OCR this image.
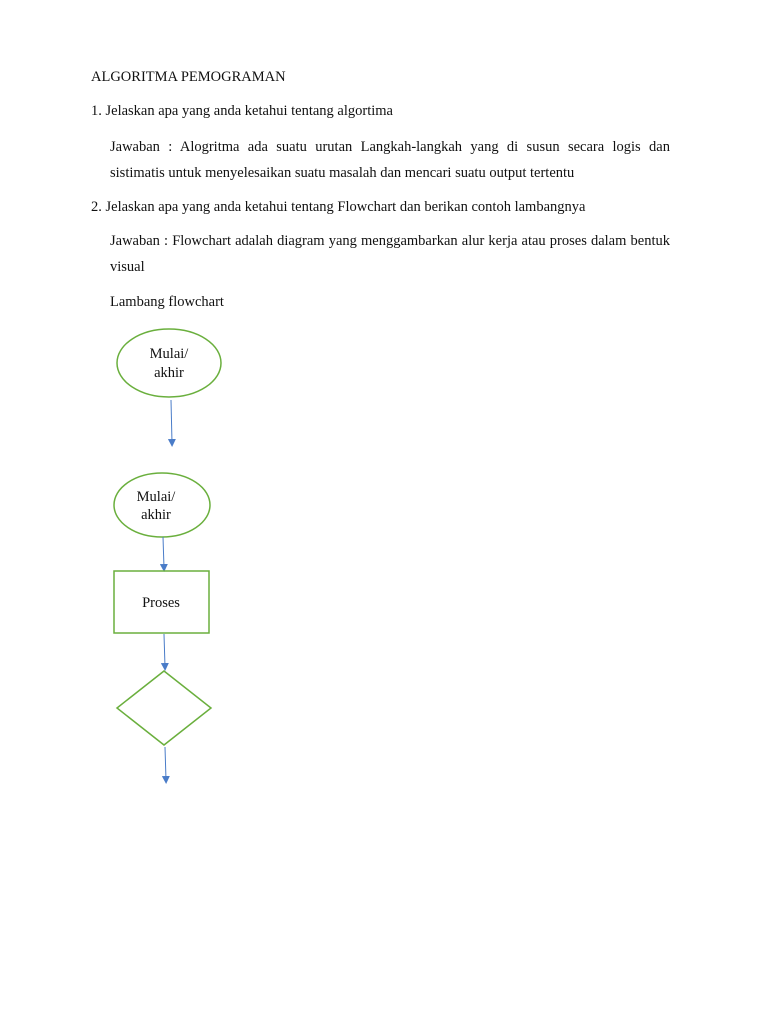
ALGORITMA PEMOGRAMAN
1. Jelaskan apa yang anda ketahui tentang algortima
Jawaban : Alogritma ada suatu urutan Langkah-langkah yang di susun secara logis dan sistimatis untuk menyelesaikan suatu masalah dan mencari suatu output tertentu
2. Jelaskan apa yang anda ketahui tentang Flowchart dan berikan contoh lambangnya
Jawaban : Flowchart adalah diagram yang menggambarkan alur kerja atau proses dalam bentuk visual
Lambang flowchart
Mulai/
akhir
Mulai/
akhir
Proses
